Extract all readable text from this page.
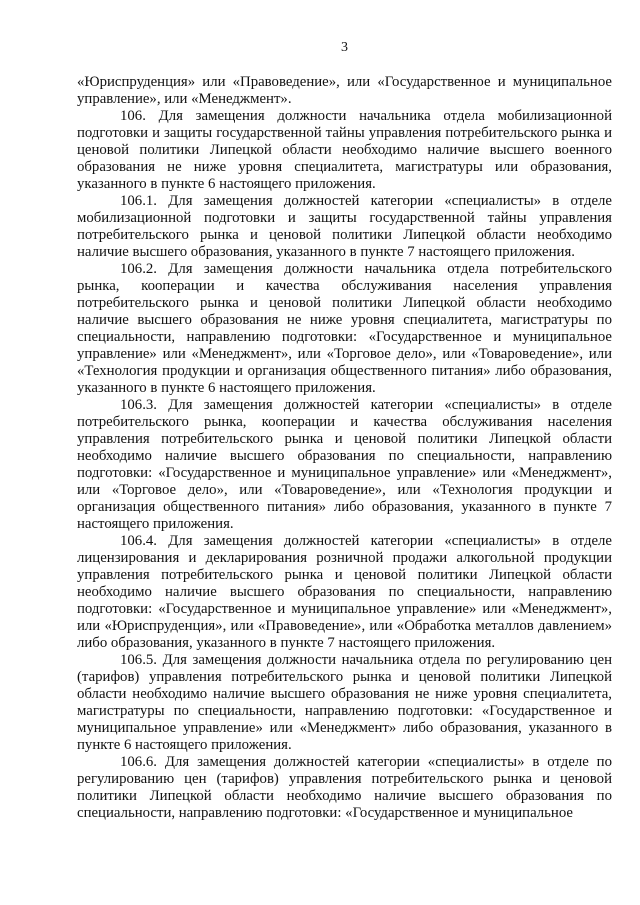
3

«Юриспруденция» или «Правоведение», или «Государственное и муниципальное управление», или «Менеджмент».

106. Для замещения должности начальника отдела мобилизационной подготовки и защиты государственной тайны управления потребительского рынка и ценовой политики Липецкой области необходимо наличие высшего военного образования не ниже уровня специалитета, магистратуры или образования, указанного в пункте 6 настоящего приложения.

106.1. Для замещения должностей категории «специалисты» в отделе мобилизационной подготовки и защиты государственной тайны управления потребительского рынка и ценовой политики Липецкой области необходимо наличие высшего образования, указанного в пункте 7 настоящего приложения.

106.2. Для замещения должности начальника отдела потребительского рынка, кооперации и качества обслуживания населения управления потребительского рынка и ценовой политики Липецкой области необходимо наличие высшего образования не ниже уровня специалитета, магистратуры по специальности, направлению подготовки: «Государственное и муниципальное управление» или «Менеджмент», или «Торговое дело», или «Товароведение», или «Технология продукции и организация общественного питания» либо образования, указанного в пункте 6 настоящего приложения.

106.3. Для замещения должностей категории «специалисты» в отделе потребительского рынка, кооперации и качества обслуживания населения управления потребительского рынка и ценовой политики Липецкой области необходимо наличие высшего образования по специальности, направлению подготовки: «Государственное и муниципальное управление» или «Менеджмент», или «Торговое дело», или «Товароведение», или «Технология продукции и организация общественного питания» либо образования, указанного в пункте 7 настоящего приложения.

106.4. Для замещения должностей категории «специалисты» в отделе лицензирования и декларирования розничной продажи алкогольной продукции управления потребительского рынка и ценовой политики Липецкой области необходимо наличие высшего образования по специальности, направлению подготовки: «Государственное и муниципальное управление» или «Менеджмент», или «Юриспруденция», или «Правоведение», или «Обработка металлов давлением» либо образования, указанного в пункте 7 настоящего приложения.

106.5. Для замещения должности начальника отдела по регулированию цен (тарифов) управления потребительского рынка и ценовой политики Липецкой области необходимо наличие высшего образования не ниже уровня специалитета, магистратуры по специальности, направлению подготовки: «Государственное и муниципальное управление» или «Менеджмент» либо образования, указанного в пункте 6 настоящего приложения.

106.6. Для замещения должностей категории «специалисты» в отделе по регулированию цен (тарифов) управления потребительского рынка и ценовой политики Липецкой области необходимо наличие высшего образования по специальности, направлению подготовки: «Государственное и муниципальное
